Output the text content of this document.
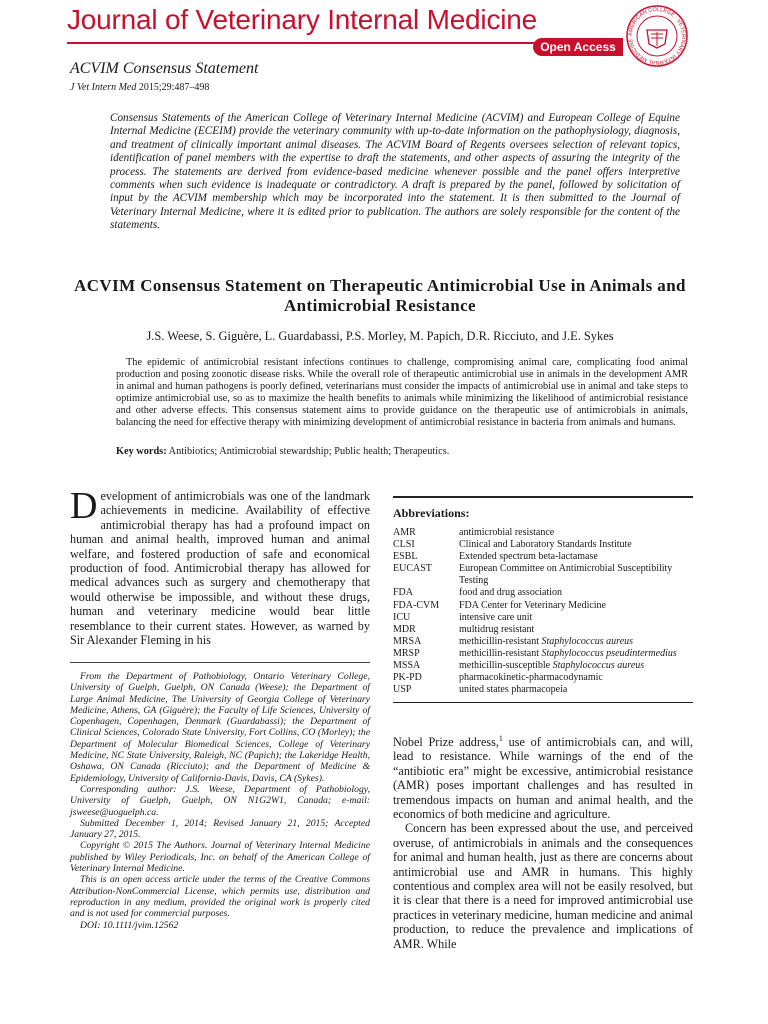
Journal of Veterinary Internal Medicine
Open Access
AMERICAN COLLEGE · VETERINARY INTERNAL MEDICINE
ACVIM Consensus Statement
J Vet Intern Med 2015;29:487–498
Consensus Statements of the American College of Veterinary Internal Medicine (ACVIM) and European College of Equine Internal Medicine (ECEIM) provide the veterinary community with up-to-date information on the pathophysiology, diagnosis, and treatment of clinically important animal diseases. The ACVIM Board of Regents oversees selection of relevant topics, identification of panel members with the expertise to draft the statements, and other aspects of assuring the integrity of the process. The statements are derived from evidence-based medicine whenever possible and the panel offers interpretive comments when such evidence is inadequate or contradictory. A draft is prepared by the panel, followed by solicitation of input by the ACVIM membership which may be incorporated into the statement. It is then submitted to the Journal of Veterinary Internal Medicine, where it is edited prior to publication. The authors are solely responsible for the content of the statements.
ACVIM Consensus Statement on Therapeutic Antimicrobial Use in Animals and Antimicrobial Resistance
J.S. Weese, S. Giguère, L. Guardabassi, P.S. Morley, M. Papich, D.R. Ricciuto, and J.E. Sykes
The epidemic of antimicrobial resistant infections continues to challenge, compromising animal care, complicating food animal production and posing zoonotic disease risks. While the overall role of therapeutic antimicrobial use in animals in the development AMR in animal and human pathogens is poorly defined, veterinarians must consider the impacts of antimicrobial use in animal and take steps to optimize antimicrobial use, so as to maximize the health benefits to animals while minimizing the likelihood of antimicrobial resistance and other adverse effects. This consensus statement aims to provide guidance on the therapeutic use of antimicrobials in animals, balancing the need for effective therapy with minimizing development of antimicrobial resistance in bacteria from animals and humans.
Key words: Antibiotics; Antimicrobial stewardship; Public health; Therapeutics.
Development of antimicrobials was one of the landmark achievements in medicine. Availability of effective antimicrobial therapy has had a profound impact on human and animal health, improved human and animal welfare, and fostered production of safe and economical production of food. Antimicrobial therapy has allowed for medical advances such as surgery and chemotherapy that would otherwise be impossible, and without these drugs, human and veterinary medicine would bear little resemblance to their current states. However, as warned by Sir Alexander Fleming in his

From the Department of Pathobiology, Ontario Veterinary College, University of Guelph, Guelph, ON Canada (Weese); the Department of Large Animal Medicine, The University of Georgia College of Veterinary Medicine, Athens, GA (Giguère); the Faculty of Life Sciences, University of Copenhagen, Copenhagen, Denmark (Guardabassi); the Department of Clinical Sciences, Colorado State University, Fort Collins, CO (Morley); the Department of Molecular Biomedical Sciences, College of Veterinary Medicine, NC State University, Raleigh, NC (Papich); the Lakeridge Health, Oshawa, ON Canada (Ricciuto); and the Department of Medicine & Epidemiology, University of California-Davis, Davis, CA (Sykes).

Corresponding author: J.S. Weese, Department of Pathobiology, University of Guelph, Guelph, ON N1G2W1, Canada; e-mail: jsweese@uoguelph.ca.

Submitted December 1, 2014; Revised January 21, 2015; Accepted January 27, 2015.

Copyright © 2015 The Authors. Journal of Veterinary Internal Medicine published by Wiley Periodicals, Inc. on behalf of the American College of Veterinary Internal Medicine.

This is an open access article under the terms of the Creative Commons Attribution-NonCommercial License, which permits use, distribution and reproduction in any medium, provided the original work is properly cited and is not used for commercial purposes.

DOI: 10.1111/jvim.12562

Abbreviations:
AMR	antimicrobial resistance
CLSI	Clinical and Laboratory Standards Institute
ESBL	Extended spectrum beta-lactamase
EUCAST	European Committee on Antimicrobial Susceptibility Testing
FDA	food and drug association
FDA-CVM	FDA Center for Veterinary Medicine
ICU	intensive care unit
MDR	multidrug resistant
MRSA	methicillin-resistant Staphylococcus aureus
MRSP	methicillin-resistant Staphylococcus pseudintermedius
MSSA	methicillin-susceptible Staphylococcus aureus
PK-PD	pharmacokinetic-pharmacodynamic
USP	united states pharmacopeia

Nobel Prize address,$^1$ use of antimicrobials can, and will, lead to resistance. While warnings of the end of the “antibiotic era” might be excessive, antimicrobial resistance (AMR) poses important challenges and has resulted in tremendous impacts on human and animal health, and the economics of both medicine and agriculture.

Concern has been expressed about the use, and perceived overuse, of antimicrobials in animals and the consequences for animal and human health, just as there are concerns about antimicrobial use and AMR in humans. This highly contentious and complex area will not be easily resolved, but it is clear that there is a need for improved antimicrobial use practices in veterinary medicine, human medicine and animal production, to reduce the prevalence and implications of AMR. While
